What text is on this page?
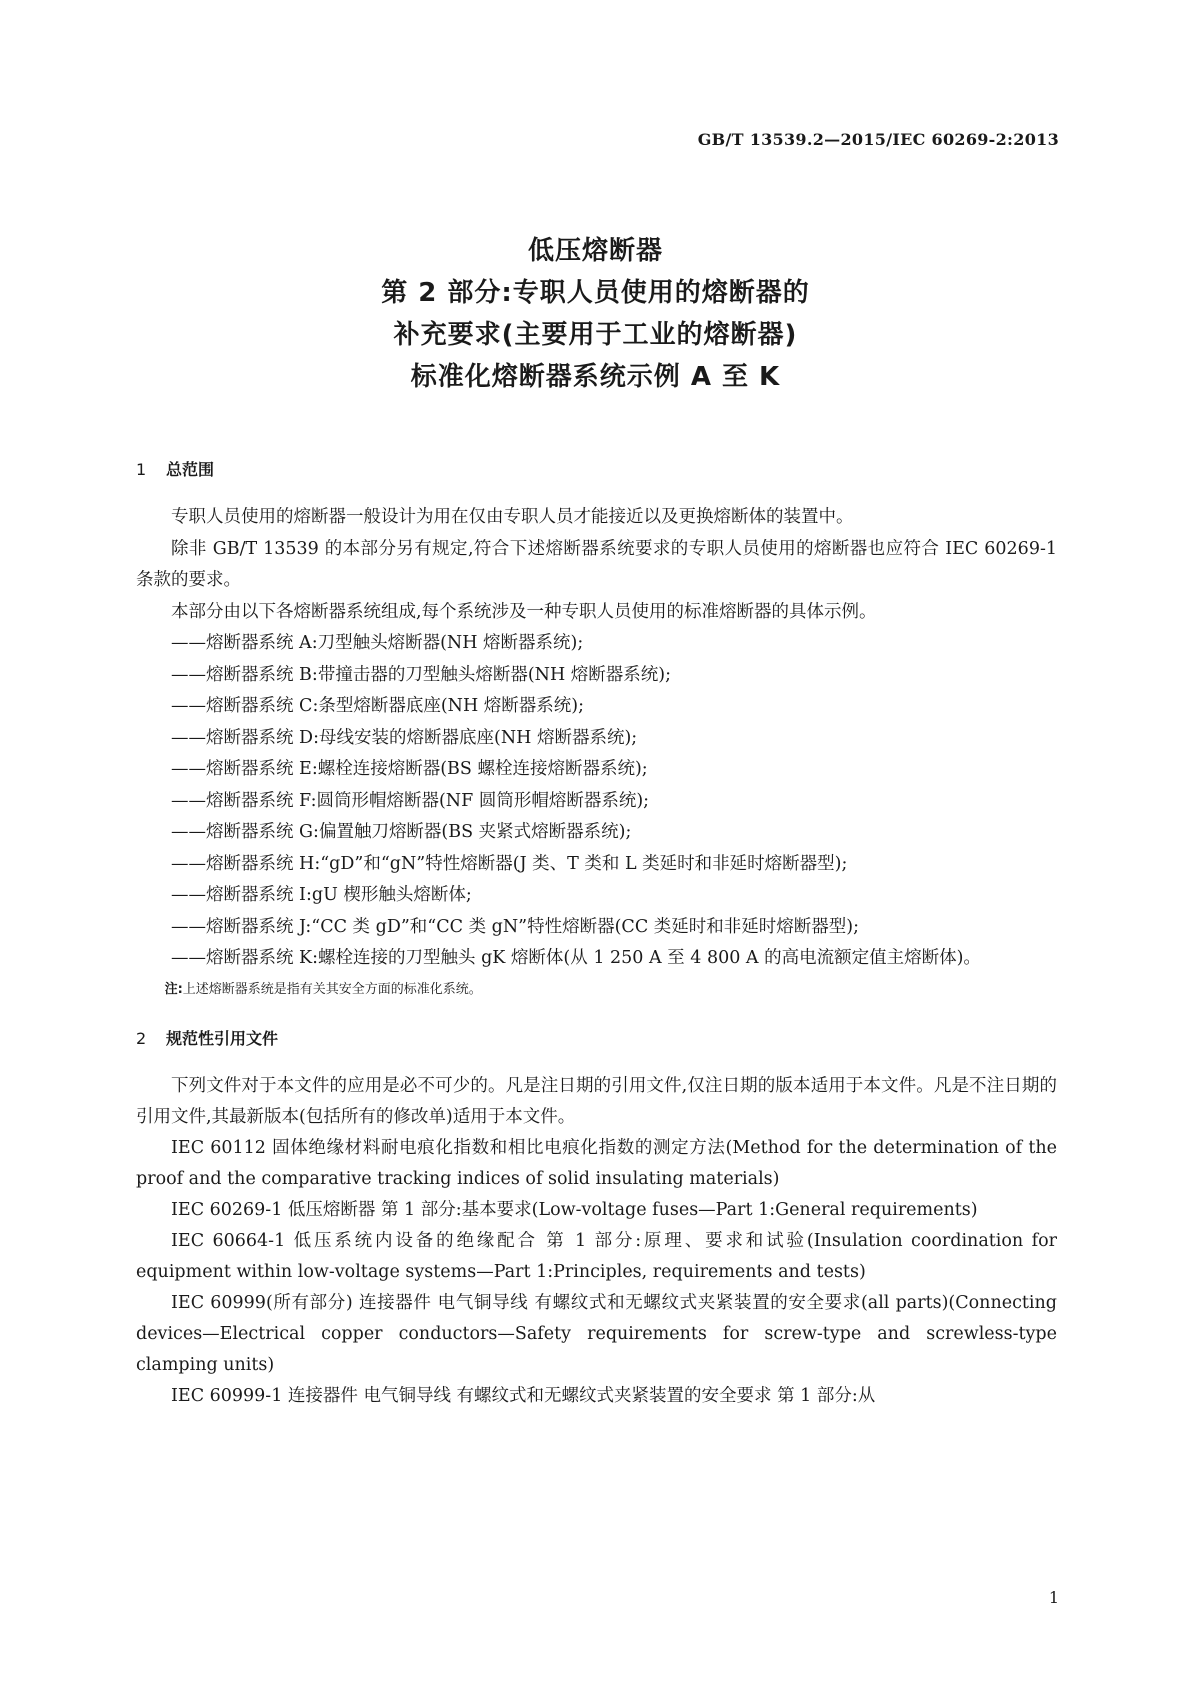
GB/T 13539.2—2015/IEC 60269-2:2013
低压熔断器
第 2 部分:专职人员使用的熔断器的
补充要求(主要用于工业的熔断器)
标准化熔断器系统示例 A 至 K
1 总范围

专职人员使用的熔断器一般设计为用在仅由专职人员才能接近以及更换熔断体的装置中。

除非 GB/T 13539 的本部分另有规定,符合下述熔断器系统要求的专职人员使用的熔断器也应符合 IEC 60269-1 条款的要求。

本部分由以下各熔断器系统组成,每个系统涉及一种专职人员使用的标准熔断器的具体示例。

—— 熔断器系统 A:刀型触头熔断器(NH 熔断器系统);
—— 熔断器系统 B:带撞击器的刀型触头熔断器(NH 熔断器系统);
—— 熔断器系统 C:条型熔断器底座(NH 熔断器系统);
—— 熔断器系统 D:母线安装的熔断器底座(NH 熔断器系统);
—— 熔断器系统 E:螺栓连接熔断器(BS 螺栓连接熔断器系统);
—— 熔断器系统 F:圆筒形帽熔断器(NF 圆筒形帽熔断器系统);
—— 熔断器系统 G:偏置触刀熔断器(BS 夹紧式熔断器系统);
—— 熔断器系统 H:“gD”和“gN”特性熔断器(J 类、T 类和 L 类延时和非延时熔断器型);
—— 熔断器系统 I:gU 楔形触头熔断体;
—— 熔断器系统 J:“CC 类 gD”和“CC 类 gN”特性熔断器(CC 类延时和非延时熔断器型);
—— 熔断器系统 K:螺栓连接的刀型触头 gK 熔断体(从 1 250 A 至 4 800 A 的高电流额定值主熔断体)。
注:上述熔断器系统是指有关其安全方面的标准化系统。
2 规范性引用文件

下列文件对于本文件的应用是必不可少的。凡是注日期的引用文件,仅注日期的版本适用于本文件。凡是不注日期的引用文件,其最新版本(包括所有的修改单)适用于本文件。

IEC 60112 固体绝缘材料耐电痕化指数和相比电痕化指数的测定方法(Method for the determination of the proof and the comparative tracking indices of solid insulating materials)

IEC 60269-1 低压熔断器 第 1 部分:基本要求(Low-voltage fuses—Part 1:General requirements)

IEC 60664-1 低压系统内设备的绝缘配合 第 1 部分:原理、要求和试验(Insulation coordination for equipment within low-voltage systems—Part 1:Principles, requirements and tests)

IEC 60999(所有部分) 连接器件 电气铜导线 有螺纹式和无螺纹式夹紧装置的安全要求(all parts)(Connecting devices—Electrical copper conductors—Safety requirements for screw-type and screwless-type clamping units)

IEC 60999-1 连接器件 电气铜导线 有螺纹式和无螺纹式夹紧装置的安全要求 第 1 部分:从

1
